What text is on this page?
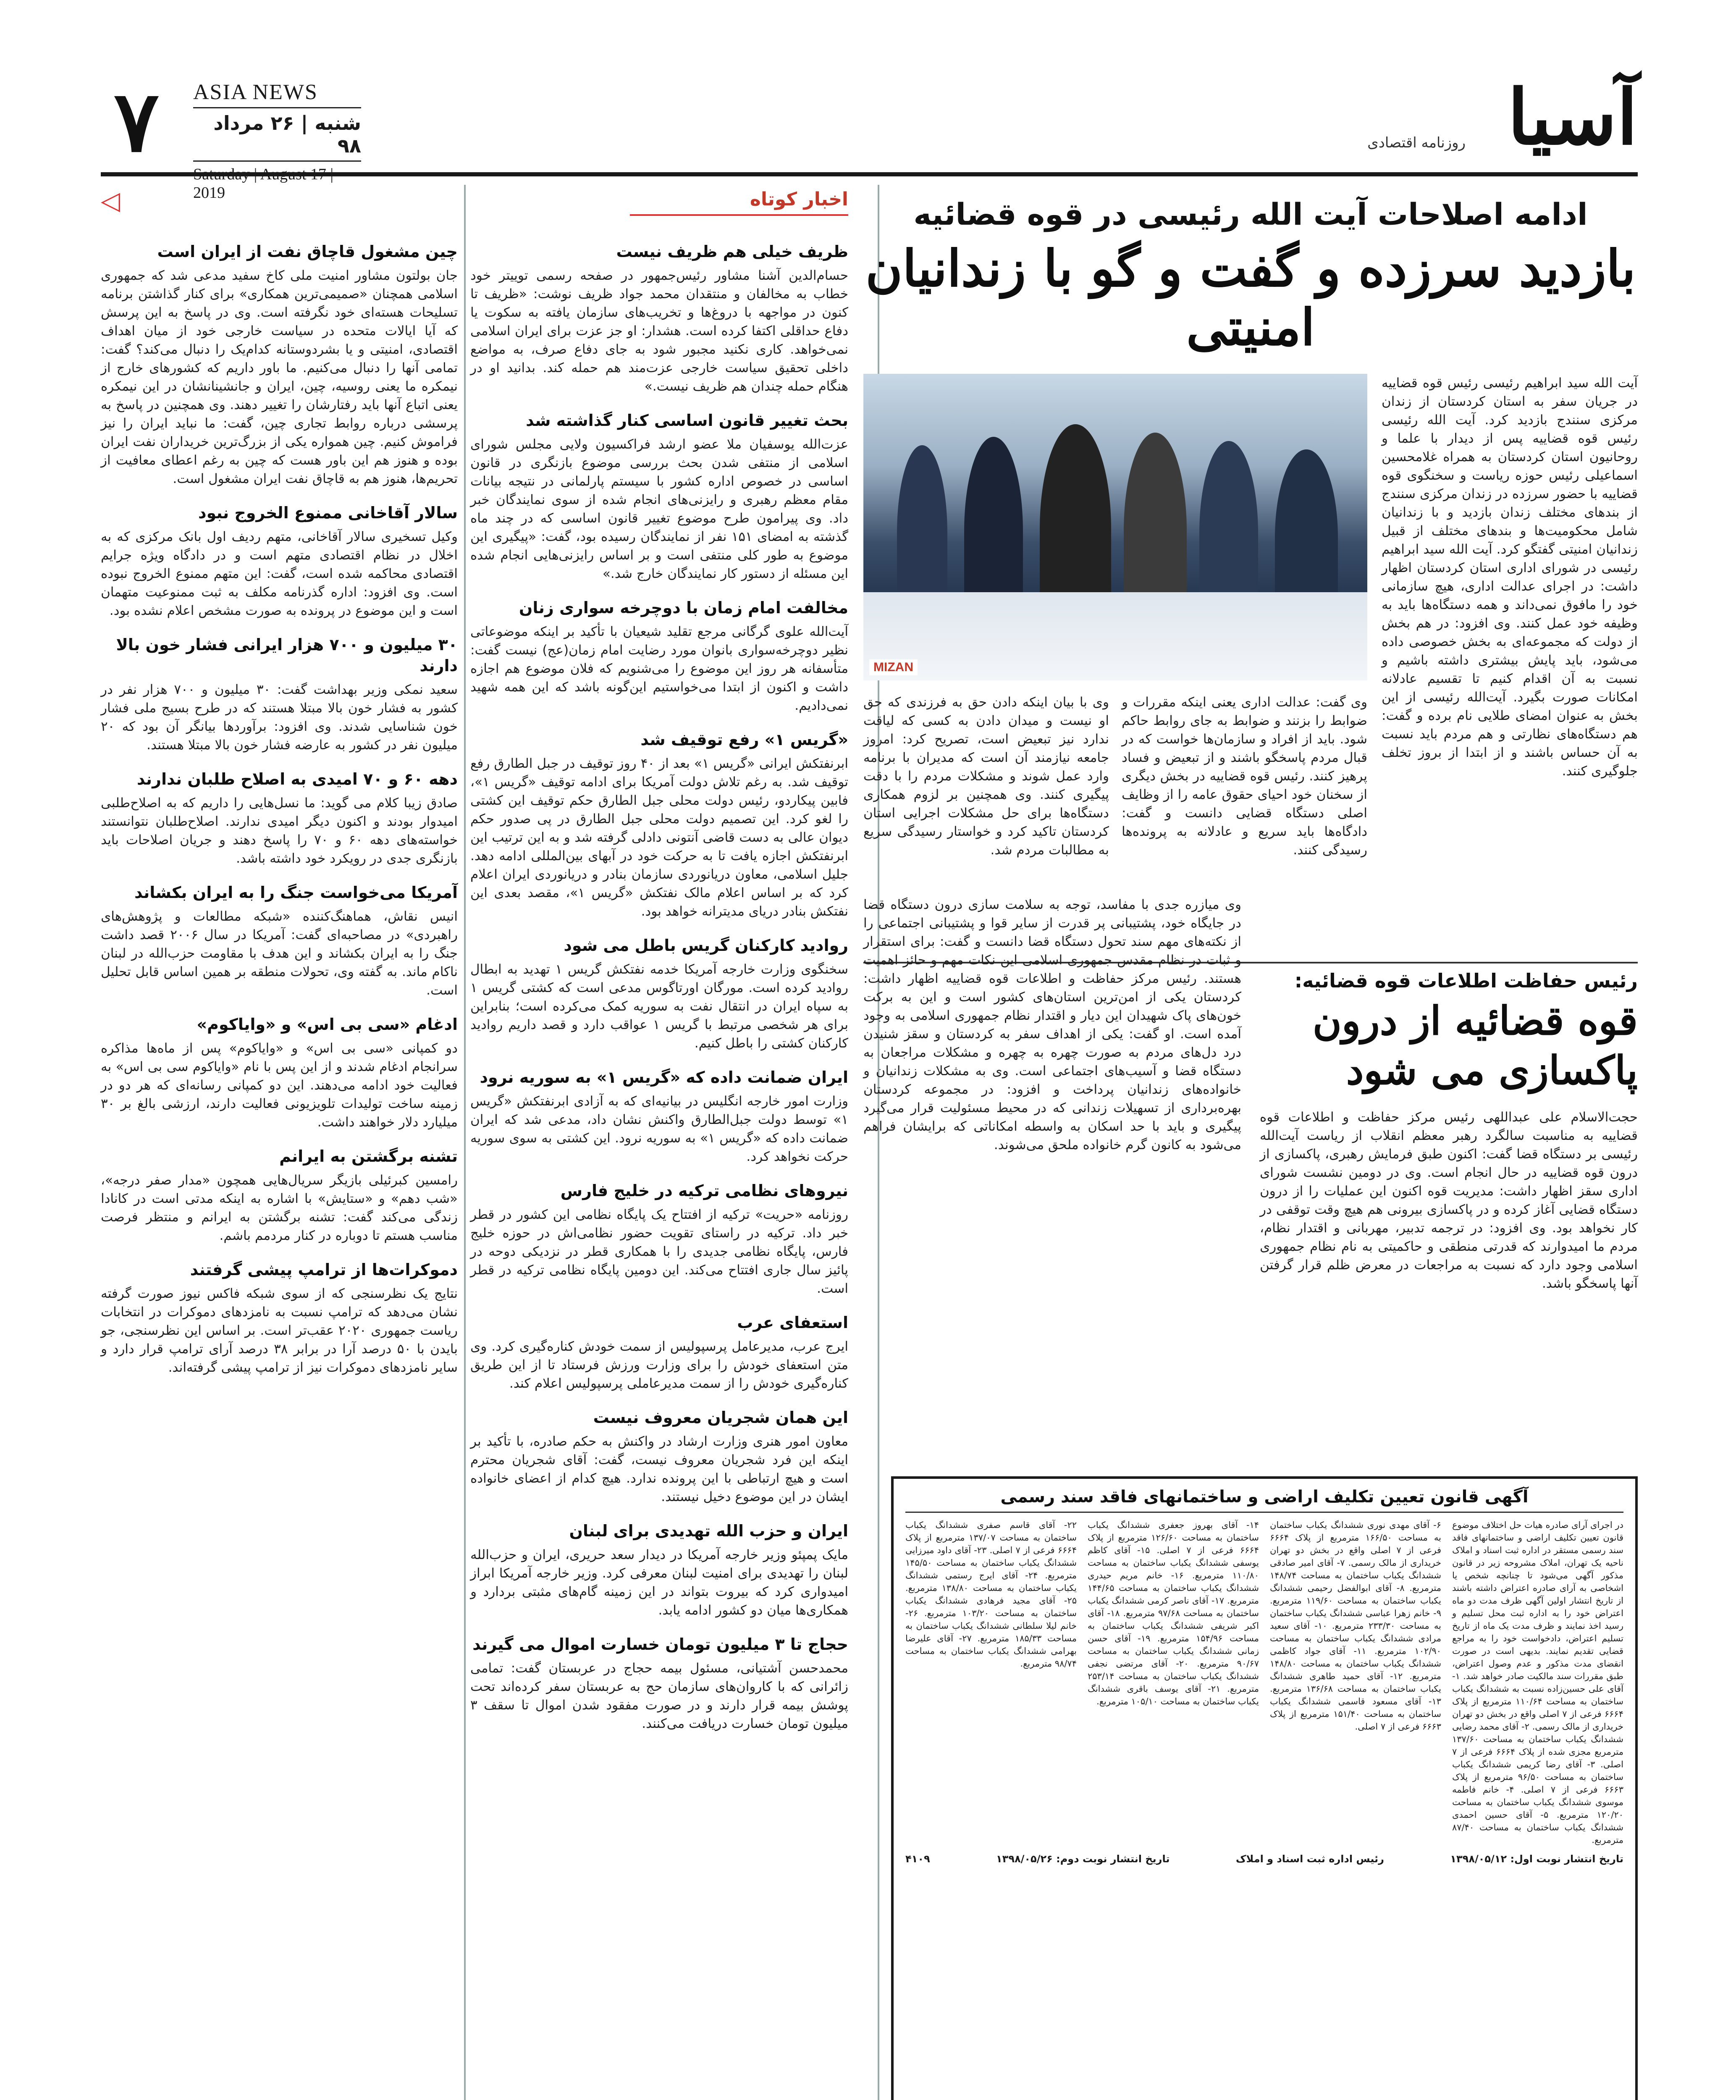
آسیا
روزنامه اقتصادی
۷	ASIA NEWS
شنبه | ۲۶ مرداد ۹۸
2019	اخبار کوتاه
◁
ظریف خیلی هم ظریف نیست
حسام‌الدین آشنا مشاور رئیس‌جمهور در صفحه رسمی توییتر خود خطاب به مخالفان و منتقدان محمد جواد ظریف نوشت: «ظریف تا کنون در مواجهه با دروغ‌ها و تخریب‌های سازمان یافته به سکوت یا دفاع حداقلی اکتفا کرده است. هشدار: او جز عزت برای ایران اسلامی نمی‌خواهد. کاری نکنید مجبور شود به جای دفاع صرف، به مواضع داخلی تحقیق سیاست خارجی عزت‌مند هم حمله کند. بدانید او در هنگام حمله چندان هم ظریف نیست.»
بحث تغییر قانون اساسی کنار گذاشته شد
عزت‌الله یوسفیان ملا عضو ارشد فراکسیون ولایی مجلس شورای اسلامی از منتفی شدن بحث بررسی موضوع بازنگری در قانون اساسی در خصوص اداره کشور با سیستم پارلمانی در نتیجه بیانات مقام معظم رهبری و رایزنی‌های انجام شده از سوی نمایندگان خبر داد. وی پیرامون طرح موضوع تغییر قانون اساسی که در چند ماه گذشته به امضای ۱۵۱ نفر از نمایندگان رسیده بود، گفت: «پیگیری این موضوع به طور کلی منتفی است و بر اساس رایزنی‌هایی انجام شده این مسئله از دستور کار نمایندگان خارج شد.»
مخالفت امام زمان با دوچرخه سواری زنان
آیت‌الله علوی گرگانی مرجع تقلید شیعیان با تأکید بر اینکه موضوعاتی نظیر دوچرخه‌سواری بانوان مورد رضایت امام زمان(عج) نیست گفت: متأسفانه هر روز این موضوع را می‌شنویم که فلان موضوع هم اجازه داشت و اکنون از ابتدا می‌خواستیم این‌گونه باشد که این همه شهید نمی‌دادیم.
«گریس ۱» رفع توقیف شد
ابرنفتکش ایرانی «گریس ۱» بعد از ۴۰ روز توقیف در جبل الطارق رفع توقیف شد. به رغم تلاش دولت آمریکا برای ادامه توقیف «گریس ۱»، فابین پیکاردو، رئیس دولت محلی جبل الطارق حکم توقیف این کشتی را لغو کرد. این تصمیم دولت محلی جبل الطارق در پی صدور حکم دیوان عالی به دست قاضی آنتونی دادلی گرفته شد و به این ترتیب این ابرنفتکش اجازه یافت تا به حرکت خود در آبهای بین‌المللی ادامه دهد. جلیل اسلامی، معاون دریانوردی سازمان بنادر و دریانوردی ایران اعلام کرد که بر اساس اعلام مالک نفتکش «گریس ۱»، مقصد بعدی این نفتکش بنادر دریای مدیترانه خواهد بود.
روادید کارکنان گریس باطل می شود
سخنگوی وزارت خارجه آمریکا خدمه نفتکش گریس ۱ تهدید به ابطال روادید کرده است. مورگان اورتاگوس مدعی است که کشتی گریس ۱ به سپاه ایران در انتقال نفت به سوریه کمک می‌کرده است؛ بنابراین برای هر شخصی مرتبط با گریس ۱ عواقب دارد و قصد داریم روادید کارکنان کشتی را باطل کنیم.
ایران ضمانت داده که «گریس ۱» به سوریه نرود
وزارت امور خارجه انگلیس در بیانیه‌ای که به آزادی ابرنفتکش «گریس ۱» توسط دولت جبل‌الطارق واکنش نشان داد، مدعی شد که ایران ضمانت داده که «گریس ۱» به سوریه نرود. این کشتی به سوی سوریه حرکت نخواهد کرد.
نیروهای نظامی ترکیه در خلیج فارس
روزنامه «حریت» ترکیه از افتتاح یک پایگاه نظامی این کشور در قطر خبر داد. ترکیه در راستای تقویت حضور نظامی‌اش در حوزه خلیج فارس، پایگاه نظامی جدیدی را با همکاری قطر در نزدیکی دوحه در پائیز سال جاری افتتاح می‌کند. این دومین پایگاه نظامی ترکیه در قطر است.
استعفای عرب
ایرج عرب، مدیرعامل پرسپولیس از سمت خودش کناره‌گیری کرد. وی متن استعفای خودش را برای وزارت ورزش فرستاد تا از این طریق کناره‌گیری خودش را از سمت مدیرعاملی پرسپولیس اعلام کند.
این همان شجریان معروف نیست
معاون امور هنری وزارت ارشاد در واکنش به حکم صادره، با تأکید بر اینکه این فرد شجریان معروف نیست، گفت: آقای شجریان محترم است و هیچ ارتباطی با این پرونده ندارد. هیچ کدام از اعضای خانواده ایشان در این موضوع دخیل نیستند.
ایران و حزب الله تهدیدی برای لبنان
مایک پمپئو وزیر خارجه آمریکا در دیدار سعد حریری، ایران و حزب‌الله لبنان را تهدیدی برای امنیت لبنان معرفی کرد. وزیر خارجه آمریکا ابراز امیدواری کرد که بیروت بتواند در این زمینه گام‌های مثبتی بردارد و همکاری‌ها میان دو کشور ادامه یابد.
حجاج تا ۳ میلیون تومان خسارت اموال می گیرند
محمدحسن آشتیانی، مسئول بیمه حجاج در عربستان گفت: تمامی زائرانی که با کاروان‌های سازمان حج به عربستان سفر کرده‌اند تحت پوشش بیمه قرار دارند و در صورت مفقود شدن اموال تا سقف ۳ میلیون تومان خسارت دریافت می‌کنند.
چین مشغول قاچاق نفت از ایران است
جان بولتون مشاور امنیت ملی کاخ سفید مدعی شد که جمهوری اسلامی همچنان «صمیمی‌ترین همکاری» برای کنار گذاشتن برنامه تسلیحات هسته‌ای خود نگرفته است. وی در پاسخ به این پرسش که آیا ایالات متحده در سیاست خارجی خود از میان اهداف اقتصادی، امنیتی و یا بشردوستانه کدام‌یک را دنبال می‌کند؟ گفت: تمامی آنها را دنبال می‌کنیم. ما باور داریم که کشورهای خارج از نیمکره ما یعنی روسیه، چین، ایران و جانشینانشان در این نیمکره یعنی اتباع آنها باید رفتارشان را تغییر دهند. وی همچنین در پاسخ به پرسشی درباره روابط تجاری چین، گفت: ما نباید ایران را نیز فراموش کنیم. چین همواره یکی از بزرگ‌ترین خریداران نفت ایران بوده و هنوز هم این باور هست که چین به رغم اعطای معافیت از تحریم‌ها، هنوز هم به قاچاق نفت ایران مشغول است.
سالار آقاخانی ممنوع الخروج نبود
وکیل تسخیری سالار آقاخانی، متهم ردیف اول بانک مرکزی که به اخلال در نظام اقتصادی متهم است و در دادگاه ویژه جرایم اقتصادی محاکمه شده است، گفت: این متهم ممنوع الخروج نبوده است. وی افزود: اداره گذرنامه مکلف به ثبت ممنوعیت متهمان است و این موضوع در پرونده به صورت مشخص اعلام نشده بود.
۳۰ میلیون و ۷۰۰ هزار ایرانی فشار خون بالا دارند
سعید نمکی وزیر بهداشت گفت: ۳۰ میلیون و ۷۰۰ هزار نفر در کشور به فشار خون بالا مبتلا هستند که در طرح بسیج ملی فشار خون شناسایی شدند. وی افزود: برآوردها بیانگر آن بود که ۲۰ میلیون نفر در کشور به عارضه فشار خون بالا مبتلا هستند.
دهه ۶۰ و ۷۰ امیدی به اصلاح طلبان ندارند
صادق زیبا کلام می گوید: ما نسل‌هایی را داریم که به اصلاح‌طلبی امیدوار بودند و اکنون دیگر امیدی ندارند. اصلاح‌طلبان نتوانستند خواسته‌های دهه ۶۰ و ۷۰ را پاسخ دهند و جریان اصلاحات باید بازنگری جدی در رویکرد خود داشته باشد.
آمریکا می‌خواست جنگ را به ایران بکشاند
انیس نقاش، هماهنگ‌کننده «شبکه مطالعات و پژوهش‌های راهبردی» در مصاحبه‌ای گفت: آمریکا در سال ۲۰۰۶ قصد داشت جنگ را به ایران بکشاند و این هدف با مقاومت حزب‌الله در لبنان ناکام ماند. به گفته وی، تحولات منطقه بر همین اساس قابل تحلیل است.
ادغام «سی بی اس» و «وایاکوم»
دو کمپانی «سی بی اس» و «وایاکوم» پس از ماه‌ها مذاکره سرانجام ادغام شدند و از این پس با نام «وایاکوم سی بی اس» به فعالیت خود ادامه می‌دهند. این دو کمپانی رسانه‌ای که هر دو در زمینه ساخت تولیدات تلویزیونی فعالیت دارند، ارزشی بالغ بر ۳۰ میلیارد دلار خواهند داشت.
تشنه برگشتن به ایرانم
رامسین کبرئیلی بازیگر سریال‌هایی همچون «مدار صفر درجه»، «شب دهم» و «ستایش» با اشاره به اینکه مدتی است در کانادا زندگی می‌کند گفت: تشنه برگشتن به ایرانم و منتظر فرصت مناسب هستم تا دوباره در کنار مردمم باشم.
دموکرات‌ها از ترامپ پیشی گرفتند
نتایج یک نظرسنجی که از سوی شبکه فاکس نیوز صورت گرفته نشان می‌دهد که ترامپ نسبت به نامزدهای دموکرات در انتخابات ریاست جمهوری ۲۰۲۰ عقب‌تر است. بر اساس این نظرسنجی، جو بایدن با ۵۰ درصد آرا در برابر ۳۸ درصد آرای ترامپ قرار دارد و سایر نامزدهای دموکرات نیز از ترامپ پیشی گرفته‌اند.
ادامه اصلاحات آیت الله رئیسی در قوه قضائیه
بازدید سرزده و گفت و گو با زندانیان امنیتی
MIZAN
آیت الله سید ابراهیم رئیسی رئیس قوه قضاییه در جریان سفر به استان کردستان از زندان مرکزی سنندج بازدید کرد. آیت الله رئیسی رئیس قوه قضاییه پس از دیدار با علما و روحانیون استان کردستان به همراه غلامحسین اسماعیلی رئیس حوزه ریاست و سخنگوی قوه قضاییه با حضور سرزده در زندان مرکزی سنندج از بندهای مختلف زندان بازدید و با زندانیان شامل محکومیت‌ها و بندهای مختلف از قبیل زندانیان امنیتی گفتگو کرد. آیت الله سید ابراهیم رئیسی در شورای اداری استان کردستان اظهار داشت: در اجرای عدالت اداری، هیچ سازمانی خود را مافوق نمی‌داند و همه دستگاه‌ها باید به وظیفه خود عمل کنند. وی افزود: در هم بخش از دولت که مجموعه‌ای به بخش خصوصی داده می‌شود، باید پایش بیشتری داشته باشیم و نسبت به آن اقدام کنیم تا تقسیم عادلانه امکانات صورت بگیرد. آیت‌الله رئیسی از این بخش به عنوان امضای طلایی نام برده و گفت: هم دستگاه‌های نظارتی و هم مردم باید نسبت به آن حساس باشند و از ابتدا از بروز تخلف جلوگیری کنند.
وی گفت: عدالت اداری یعنی اینکه مقررات و ضوابط را بزنند و ضوابط به جای روابط حاکم شود. باید از افراد و سازمان‌ها خواست که در قبال مردم پاسخگو باشند و از تبعیض و فساد پرهیز کنند. رئیس قوه قضاییه در بخش دیگری از سخنان خود احیای حقوق عامه را از وظایف اصلی دستگاه قضایی دانست و گفت: دادگاه‌ها باید سریع و عادلانه به پرونده‌ها رسیدگی کنند.
وی با بیان اینکه دادن حق به فرزندی که حق او نیست و میدان دادن به کسی که لیاقت ندارد نیز تبعیض است، تصریح کرد: امروز جامعه نیازمند آن است که مدیران با برنامه وارد عمل شوند و مشکلات مردم را با دقت پیگیری کنند. وی همچنین بر لزوم همکاری دستگاه‌ها برای حل مشکلات اجرایی استان کردستان تاکید کرد و خواستار رسیدگی سریع به مطالبات مردم شد.
رئیس حفاظت اطلاعات قوه قضائیه:
قوه قضائیه از درون پاکسازی می شود
حجت‌الاسلام علی عبداللهی رئیس مرکز حفاظت و اطلاعات قوه قضاییه به مناسبت سالگرد رهبر معظم انقلاب از ریاست آیت‌الله رئیسی بر دستگاه قضا گفت: اکنون طبق فرمایش رهبری، پاکسازی از درون قوه قضاییه در حال انجام است. وی در دومین نشست شورای اداری سقز اظهار داشت: مدیریت قوه اکنون این عملیات را از درون دستگاه قضایی آغاز کرده و در پاکسازی بیرونی هم هیچ وقت توقفی در کار نخواهد بود. وی افزود: در ترجمه تدبیر، مهربانی و اقتدار نظام، مردم ما امیدوارند که قدرتی منطقی و حاکمیتی به نام نظام جمهوری اسلامی وجود دارد که نسبت به مراجعات در معرض ظلم قرار گرفتن آنها پاسخگو باشد.
وی میازره جدی با مفاسد، توجه به سلامت سازی درون دستگاه قضا در جایگاه خود، پشتیبانی پر قدرت از سایر قوا و پشتیبانی اجتماعی را از نکته‌های مهم سند تحول دستگاه قضا دانست و گفت: برای استقرار و ثبات در نظام مقدس جمهوری اسلامی این نکات مهم و حائز اهمیت هستند. رئیس مرکز حفاظت و اطلاعات قوه قضاییه اظهار داشت: کردستان یکی از امن‌ترین استان‌های کشور است و این به برکت خون‌های پاک شهیدان این دیار و اقتدار نظام جمهوری اسلامی به وجود آمده است. او گفت: یکی از اهداف سفر به کردستان و سقز شنیدن درد دل‌های مردم به صورت چهره به چهره و مشکلات مراجعان به دستگاه قضا و آسیب‌های اجتماعی است. وی به مشکلات زندانیان و خانواده‌های زندانیان پرداخت و افزود: در مجموعه کردستان بهره‌برداری از تسهیلات زندانی که در محیط مسئولیت قرار می‌گیرد پیگیری و باید با حد اسکان به واسطه امکاناتی که برایشان فراهم می‌شود به کانون گرم خانواده ملحق می‌شوند.
آگهی قانون تعیین تکلیف اراضی و ساختمانهای فاقد سند رسمی
در اجرای آرای صادره هیات حل اختلاف موضوع قانون تعیین تکلیف اراضی و ساختمانهای فاقد سند رسمی مستقر در اداره ثبت اسناد و املاک ناحیه یک تهران، املاک مشروحه زیر در قانون مذکور آگهی می‌شود تا چنانچه شخص یا اشخاصی به آرای صادره اعتراض داشته باشند از تاریخ انتشار اولین آگهی ظرف مدت دو ماه اعتراض خود را به اداره ثبت محل تسلیم و رسید اخذ نمایند و ظرف مدت یک ماه از تاریخ تسلیم اعتراض، دادخواست خود را به مراجع قضایی تقدیم نمایند. بدیهی است در صورت انقضای مدت مذکور و عدم وصول اعتراض، طبق مقررات سند مالکیت صادر خواهد شد. ۱- آقای علی حسین‌زاده نسبت به ششدانگ یکباب ساختمان به مساحت ۱۱۰/۶۴ مترمربع از پلاک ۶۶۶۴ فرعی از ۷ اصلی واقع در بخش دو تهران خریداری از مالک رسمی. ۲- آقای محمد رضایی ششدانگ یکباب ساختمان به مساحت ۱۳۷/۶۰ مترمربع مجزی شده از پلاک ۶۶۶۴ فرعی از ۷ اصلی. ۳- آقای رضا کریمی ششدانگ یکباب ساختمان به مساحت ۹۶/۵۰ مترمربع از پلاک ۶۶۶۳ فرعی از ۷ اصلی. ۴- خانم فاطمه موسوی ششدانگ یکباب ساختمان به مساحت ۱۲۰/۲۰ مترمربع. ۵- آقای حسین احمدی ششدانگ یکباب ساختمان به مساحت ۸۷/۴۰ مترمربع.
۶- آقای مهدی نوری ششدانگ یکباب ساختمان به مساحت ۱۶۶/۵۰ مترمربع از پلاک ۶۶۶۴ فرعی از ۷ اصلی واقع در بخش دو تهران خریداری از مالک رسمی. ۷- آقای امیر صادقی ششدانگ یکباب ساختمان به مساحت ۱۴۸/۷۴ مترمربع. ۸- آقای ابوالفضل رحیمی ششدانگ یکباب ساختمان به مساحت ۱۱۹/۶۰ مترمربع. ۹- خانم زهرا عباسی ششدانگ یکباب ساختمان به مساحت ۲۳۳/۳۰ مترمربع. ۱۰- آقای سعید مرادی ششدانگ یکباب ساختمان به مساحت ۱۰۲/۹۰ مترمربع. ۱۱- آقای جواد کاظمی ششدانگ یکباب ساختمان به مساحت ۱۴۸/۸۰ مترمربع. ۱۲- آقای حمید طاهری ششدانگ یکباب ساختمان به مساحت ۱۳۶/۶۸ مترمربع. ۱۳- آقای مسعود قاسمی ششدانگ یکباب ساختمان به مساحت ۱۵۱/۴۰ مترمربع از پلاک ۶۶۶۳ فرعی از ۷ اصلی.
۱۴- آقای بهروز جعفری ششدانگ یکباب ساختمان به مساحت ۱۲۶/۶۰ مترمربع از پلاک ۶۶۶۴ فرعی از ۷ اصلی. ۱۵- آقای کاظم یوسفی ششدانگ یکباب ساختمان به مساحت ۱۱۰/۸۰ مترمربع. ۱۶- خانم مریم حیدری ششدانگ یکباب ساختمان به مساحت ۱۴۴/۶۵ مترمربع. ۱۷- آقای ناصر کرمی ششدانگ یکباب ساختمان به مساحت ۹۷/۶۸ مترمربع. ۱۸- آقای اکبر شریفی ششدانگ یکباب ساختمان به مساحت ۱۵۴/۹۶ مترمربع. ۱۹- آقای حسن زمانی ششدانگ یکباب ساختمان به مساحت ۹۰/۶۷ مترمربع. ۲۰- آقای مرتضی نجفی ششدانگ یکباب ساختمان به مساحت ۲۵۳/۱۴ مترمربع. ۲۱- آقای یوسف باقری ششدانگ یکباب ساختمان به مساحت ۱۰۵/۱۰ مترمربع.
۲۲- آقای قاسم صفری ششدانگ یکباب ساختمان به مساحت ۱۳۷/۰۷ مترمربع از پلاک ۶۶۶۴ فرعی از ۷ اصلی. ۲۳- آقای داود میرزایی ششدانگ یکباب ساختمان به مساحت ۱۴۵/۵۰ مترمربع. ۲۴- آقای ایرج رستمی ششدانگ یکباب ساختمان به مساحت ۱۳۸/۸۰ مترمربع. ۲۵- آقای مجید فرهادی ششدانگ یکباب ساختمان به مساحت ۱۰۳/۲۰ مترمربع. ۲۶- خانم لیلا سلطانی ششدانگ یکباب ساختمان به مساحت ۱۸۵/۳۳ مترمربع. ۲۷- آقای علیرضا بهرامی ششدانگ یکباب ساختمان به مساحت ۹۸/۷۴ مترمربع.
تاریخ انتشار نوبت اول: ۱۳۹۸/۰۵/۱۲
رئیس اداره ثبت اسناد و املاک
تاریخ انتشار نوبت دوم: ۱۳۹۸/۰۵/۲۶
۴۱۰۹
